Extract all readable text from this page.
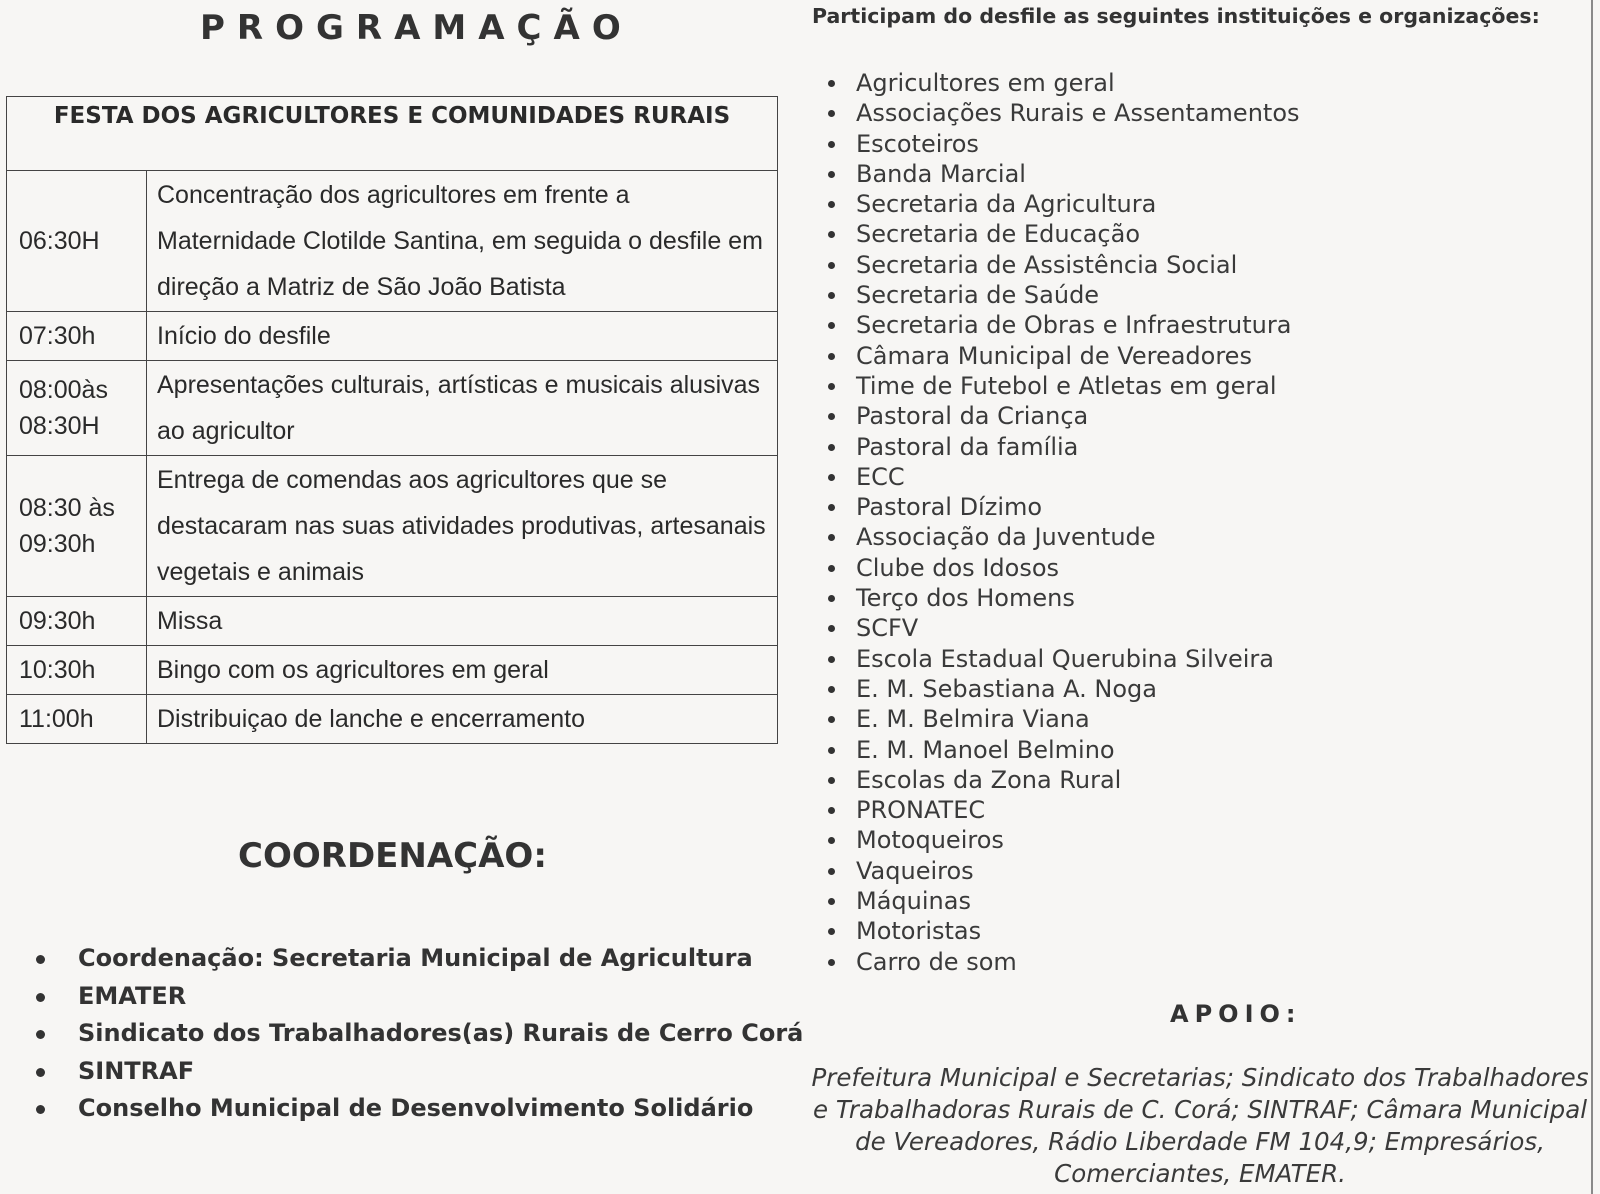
PROGRAMAÇÃO
FESTA DOS AGRICULTORES E COMUNIDADES RURAIS	
06:30H	Concentração dos agricultores em frente a Maternidade Clotilde Santina, em seguida o desfile em direção a Matriz de São João Batista
07:30h	Início do desfile
08:00às 08:30H	Apresentações culturais, artísticas e musicais alusivas ao agricultor
08:30 às 09:30h	Entrega de comendas aos agricultores que se destacaram nas suas atividades produtivas, artesanais vegetais e animais
09:30h	Missa
10:30h	Bingo com os agricultores em geral
11:00h	Distribuiçao de lanche e encerramento
COORDENAÇÃO:
Coordenação: Secretaria Municipal de Agricultura
EMATER
Sindicato dos Trabalhadores(as) Rurais de Cerro Corá
SINTRAF
Conselho Municipal de Desenvolvimento Solidário
Participam do desfile as seguintes instituições e organizações:
Agricultores em geral
Associações Rurais e Assentamentos
Escoteiros
Banda Marcial
Secretaria da Agricultura
Secretaria de Educação
Secretaria de Assistência Social
Secretaria de Saúde
Secretaria de Obras e Infraestrutura
Câmara Municipal de Vereadores
Time de Futebol e Atletas em geral
Pastoral da Criança
Pastoral da família
ECC
Pastoral Dízimo
Associação da Juventude
Clube dos Idosos
Terço dos Homens
SCFV
Escola Estadual Querubina Silveira
E. M. Sebastiana A. Noga
E. M. Belmira Viana
E. M. Manoel Belmino
Escolas da Zona Rural
PRONATEC
Motoqueiros
Vaqueiros
Máquinas
Motoristas
Carro de som
APOIO:
Prefeitura Municipal e Secretarias; Sindicato dos Trabalhadores e Trabalhadoras Rurais de C. Corá; SINTRAF; Câmara Municipal de Vereadores, Rádio Liberdade FM 104,9; Empresários, Comerciantes, EMATER.
